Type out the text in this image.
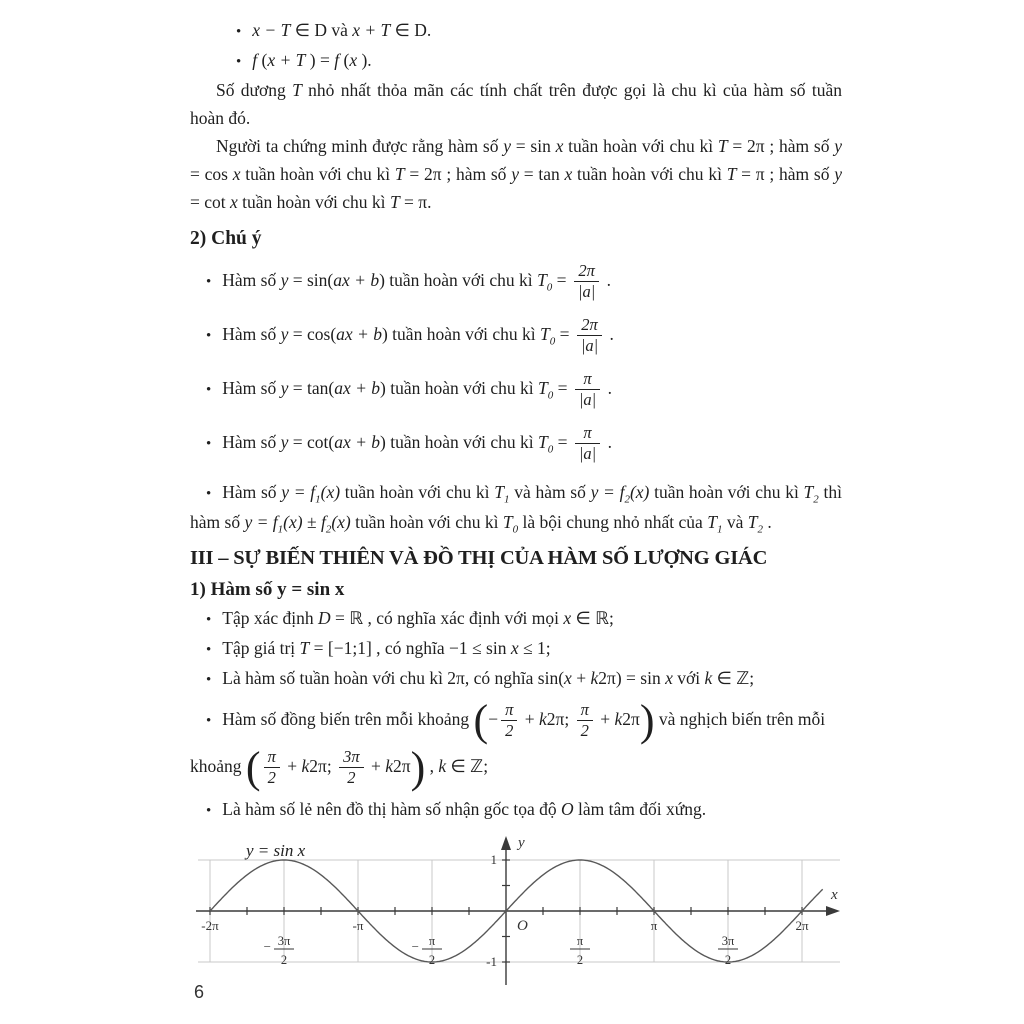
• x − T ∈ D và x + T ∈ D.

• f (x + T ) = f (x ).

Số dương T nhỏ nhất thỏa mãn các tính chất trên được gọi là chu kì của hàm số tuần hoàn đó.

Người ta chứng minh được rằng hàm số y = sin x tuần hoàn với chu kì T = 2π ; hàm số y = cos x tuần hoàn với chu kì T = 2π ; hàm số y = tan x tuần hoàn với chu kì T = π ; hàm số y = cot x tuần hoàn với chu kì T = π.

2) Chú ý

• Hàm số y = sin(ax + b) tuần hoàn với chu kì $T_0 = \frac{2\pi}{|a|}$ .

• Hàm số y = cos(ax + b) tuần hoàn với chu kì $T_0 = \frac{2\pi}{|a|}$ .

• Hàm số y = tan(ax + b) tuần hoàn với chu kì $T_0 = \frac{\pi}{|a|}$ .

• Hàm số y = cot(ax + b) tuần hoàn với chu kì $T_0 = \frac{\pi}{|a|}$ .

• Hàm số $y = f_1(x)$ tuần hoàn với chu kì $T_1$ và hàm số $y = f_2(x)$ tuần hoàn với chu kì $T_2$ thì hàm số $y = f_1(x) \pm f_2(x)$ tuần hoàn với chu kì $T_0$ là bội chung nhỏ nhất của $T_1$ và $T_2$ .

III – SỰ BIẾN THIÊN VÀ ĐỒ THỊ CỦA HÀM SỐ LƯỢNG GIÁC

1) Hàm số y = sin x

• Tập xác định D = ℝ , có nghĩa xác định với mọi x ∈ ℝ;

• Tập giá trị T = [−1;1] , có nghĩa −1 ≤ sin x ≤ 1;

• Là hàm số tuần hoàn với chu kì 2π, có nghĩa sin(x + k2π) = sin x với k ∈ ℤ;

• Hàm số đồng biến trên mỗi khoảng (− $\frac{\pi}{2} + k2\pi$; $\frac{\pi}{2} + k2\pi$) và nghịch biến trên mỗi

khoảng ( $\frac{\pi}{2} + k2\pi$; $\frac{3\pi}{2} + k2\pi$) , k ∈ ℤ;

• Là hàm số lẻ nên đồ thị hàm số nhận gốc tọa độ O làm tâm đối xứng.

-2π
− 3π
2
-π
− π
2
π
2
π
3π
2
2π
1
-1
O
x
y
y = sin x

6
